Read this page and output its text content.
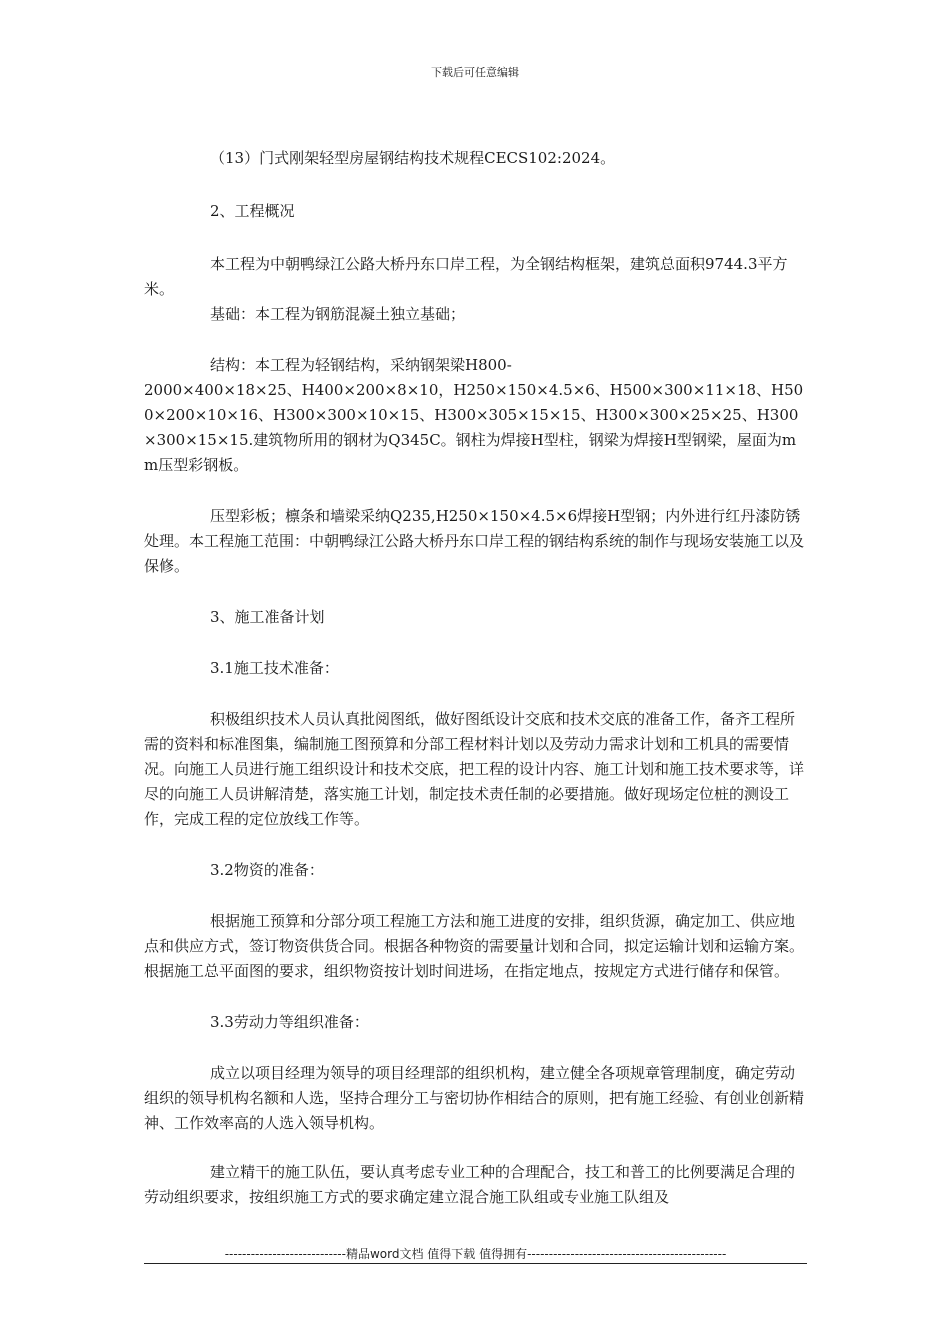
下载后可任意编辑

（13）门式刚架轻型房屋钢结构技术规程CECS102:2024。

2、工程概况

本工程为中朝鸭绿江公路大桥丹东口岸工程，为全钢结构框架，建筑总面积9744.3平方米。

基础：本工程为钢筋混凝土独立基础；

结构：本工程为轻钢结构，采纳钢架梁H800-

2000×400×18×25、H400×200×8×10，H250×150×4.5×6、H500×300×11×18、H500×200×10×16、H300×300×10×15、H300×305×15×15、H300×300×25×25、H300×300×15×15.建筑物所用的钢材为Q345C。钢柱为焊接H型柱，钢梁为焊接H型钢梁，屋面为mm压型彩钢板。

压型彩板；檩条和墙梁采纳Q235,H250×150×4.5×6焊接H型钢；内外进行红丹漆防锈处理。本工程施工范围：中朝鸭绿江公路大桥丹东口岸工程的钢结构系统的制作与现场安装施工以及保修。

3、施工准备计划

3.1施工技术准备：

积极组织技术人员认真批阅图纸，做好图纸设计交底和技术交底的准备工作，备齐工程所需的资料和标准图集，编制施工图预算和分部工程材料计划以及劳动力需求计划和工机具的需要情况。向施工人员进行施工组织设计和技术交底，把工程的设计内容、施工计划和施工技术要求等，详尽的向施工人员讲解清楚，落实施工计划，制定技术责任制的必要措施。做好现场定位桩的测设工作，完成工程的定位放线工作等。

3.2物资的准备：

根据施工预算和分部分项工程施工方法和施工进度的安排，组织货源，确定加工、供应地点和供应方式，签订物资供货合同。根据各种物资的需要量计划和合同，拟定运输计划和运输方案。根据施工总平面图的要求，组织物资按计划时间进场，在指定地点，按规定方式进行储存和保管。

3.3劳动力等组织准备：

成立以项目经理为领导的项目经理部的组织机构，建立健全各项规章管理制度，确定劳动组织的领导机构名额和人选，坚持合理分工与密切协作相结合的原则，把有施工经验、有创业创新精神、工作效率高的人选入领导机构。

建立精干的施工队伍，要认真考虑专业工种的合理配合，技工和普工的比例要满足合理的劳动组织要求，按组织施工方式的要求确定建立混合施工队组或专业施工队组及

----------------------------精品word文档 值得下载 值得拥有----------------------------------------------
